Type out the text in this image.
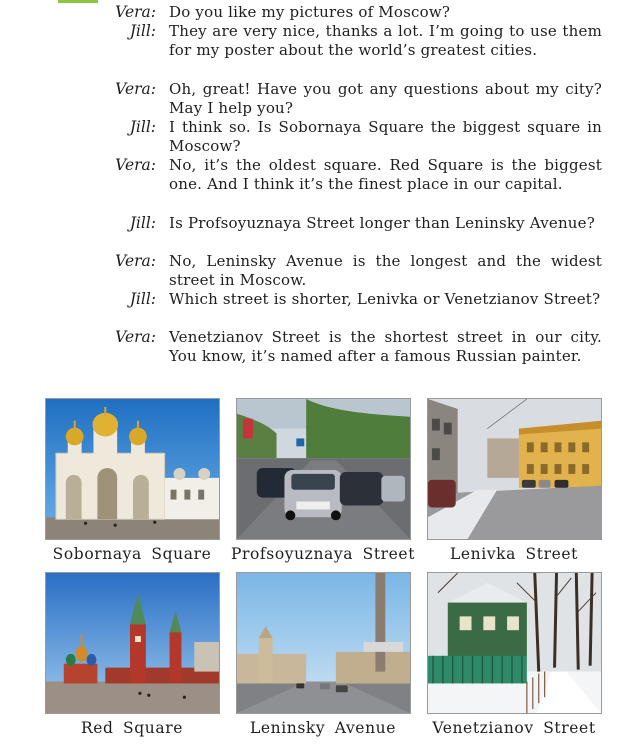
Vera: Do you like my pictures of Moscow?
Jill: They are very nice, thanks a lot. I’m going to use them for my poster about the world’s greatest cities.
Vera: Oh, great! Have you got any questions about my city? May I help you?
Jill: I think so. Is Sobornaya Square the biggest square in Moscow?
Vera: No, it’s the oldest square. Red Square is the biggest one. And I think it’s the finest place in our capital.
Jill: Is Profsoyuznaya Street longer than Leninsky Avenue?
Vera: No, Leninsky Avenue is the longest and the widest street in Moscow.
Jill: Which street is shorter, Lenivka or Venetzianov Street?
Vera: Venetzianov Street is the shortest street in our city. You know, it’s named after a famous Russian painter.
Sobornaya Square	Profsoyuznaya Street	Lenivka Street
Red Square	Leninsky Avenue	Venetzianov Street
